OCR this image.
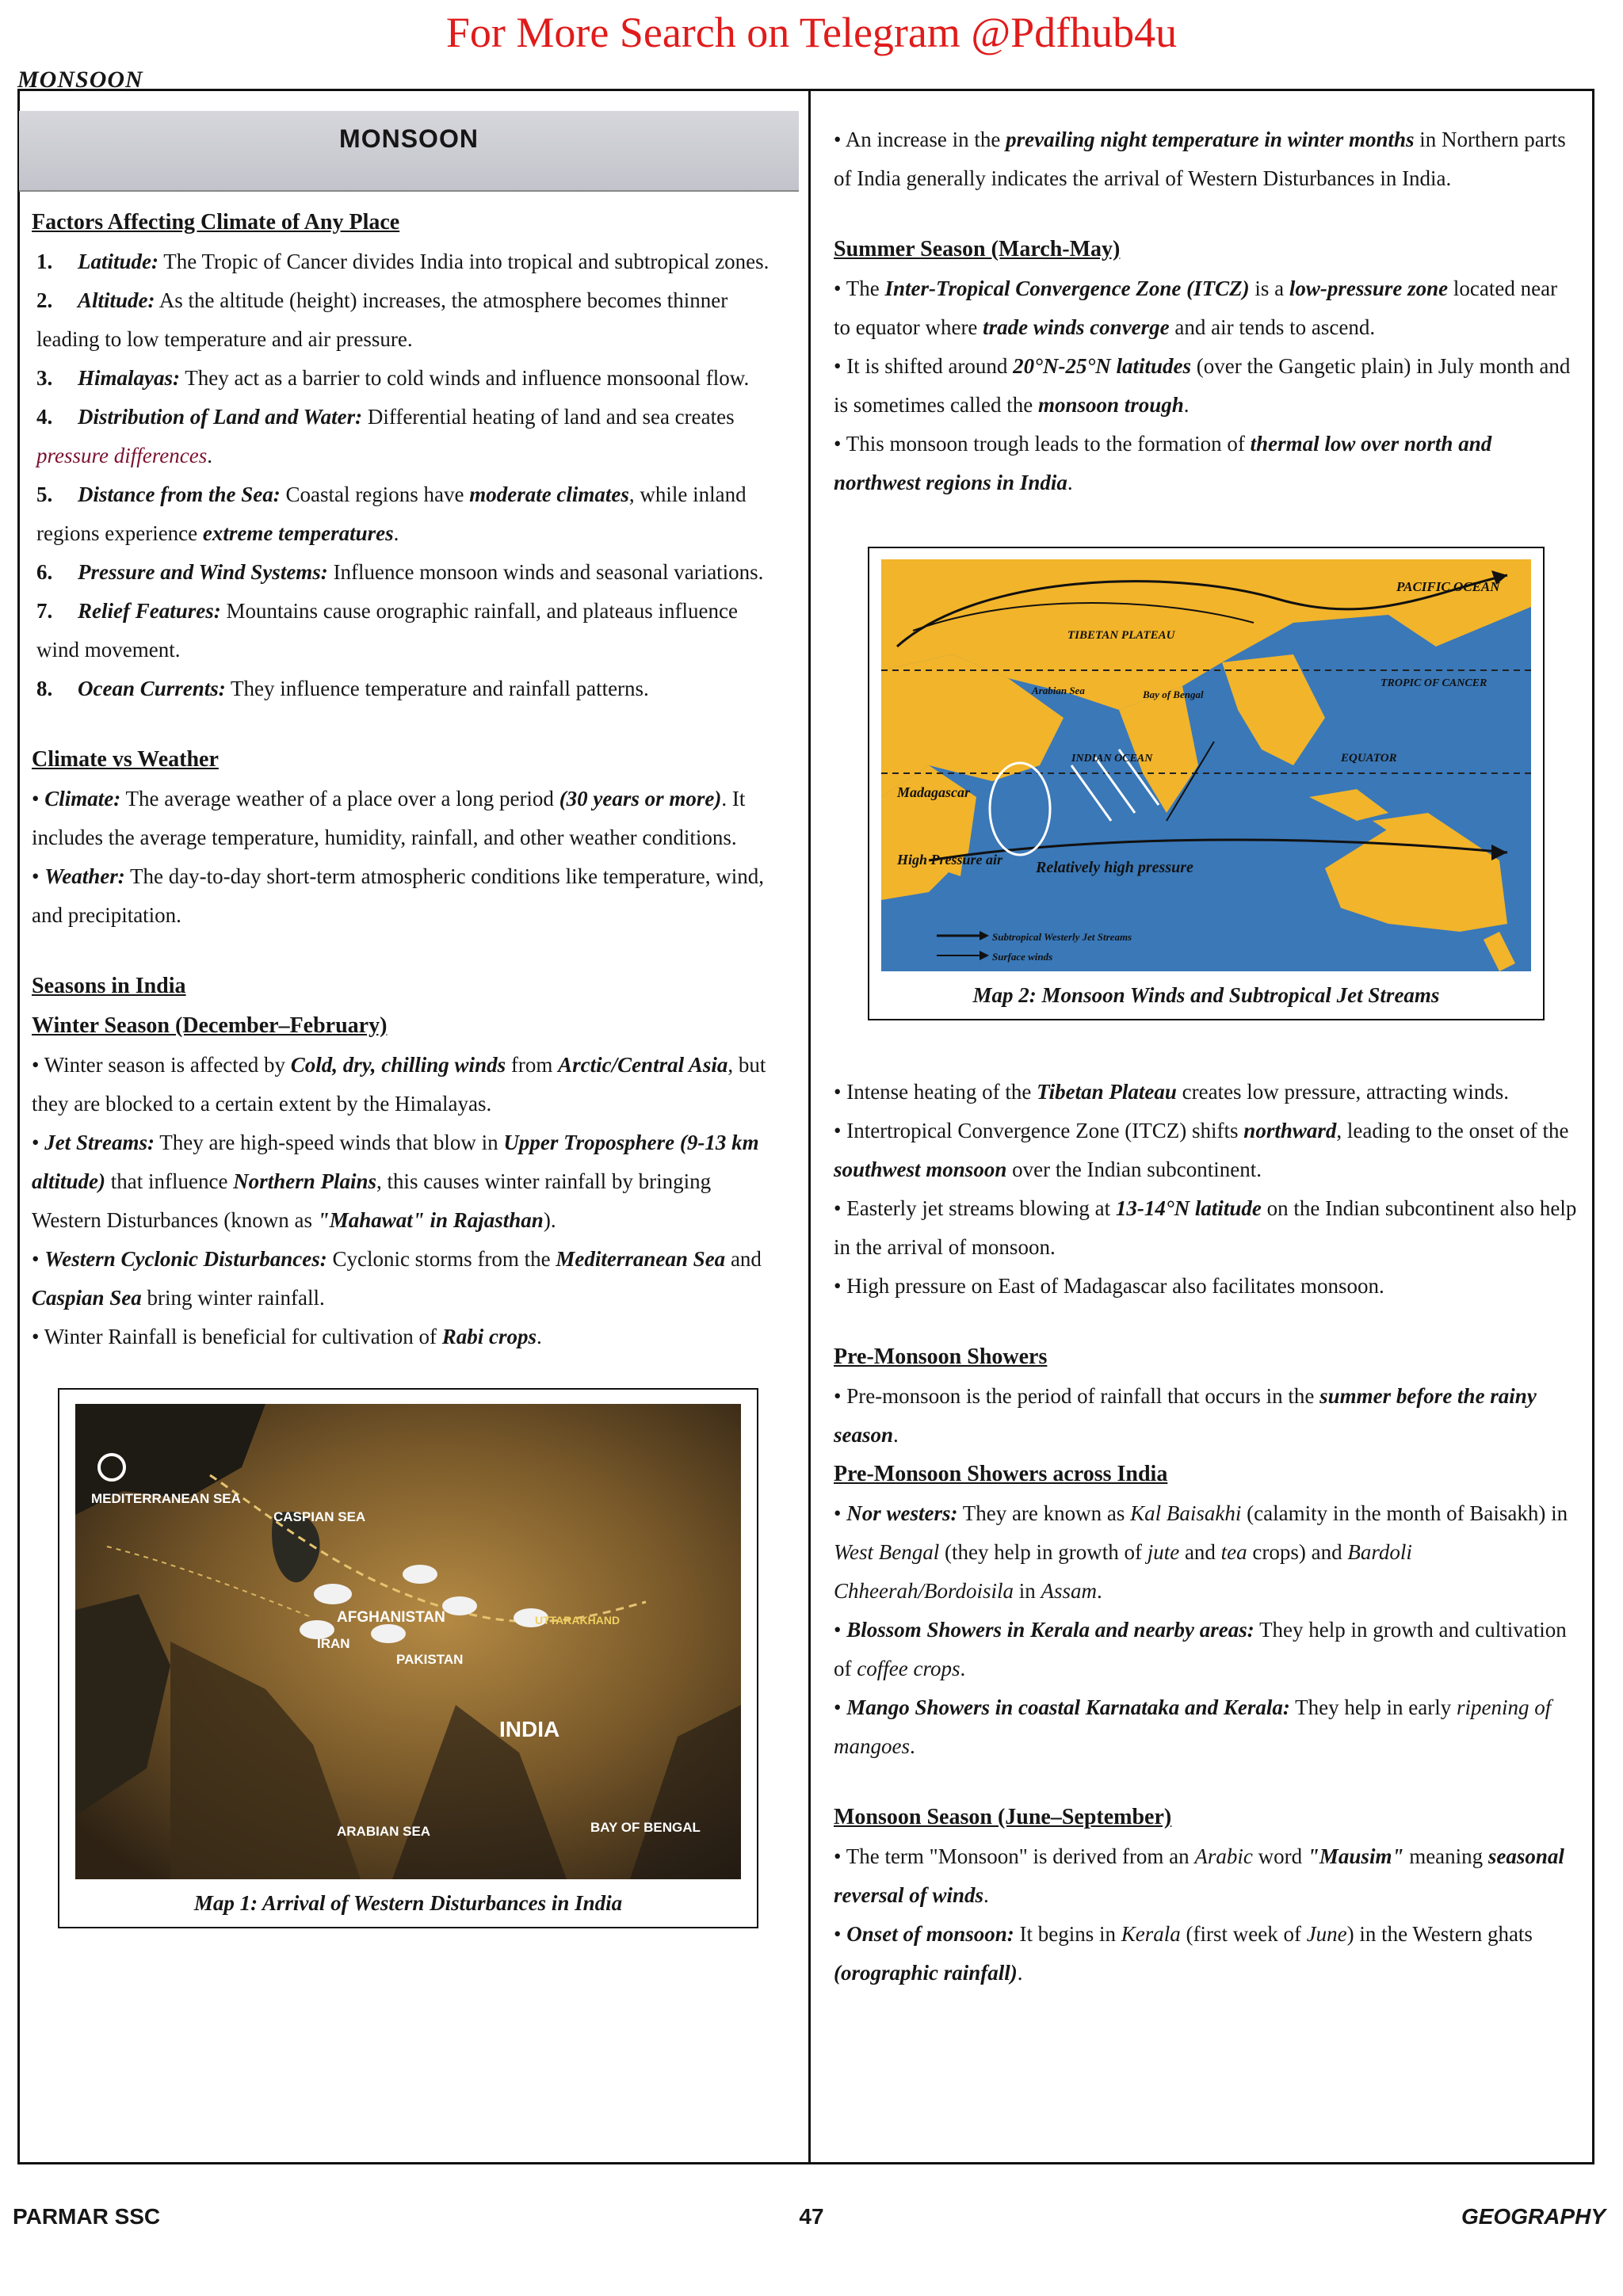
For More Search on Telegram @Pdfhub4u
MONSOON
MONSOON
Factors Affecting Climate of Any Place
1. Latitude: The Tropic of Cancer divides India into tropical and subtropical zones.
2. Altitude: As the altitude (height) increases, the atmosphere becomes thinner leading to low temperature and air pressure.
3. Himalayas: They act as a barrier to cold winds and influence monsoonal flow.
4. Distribution of Land and Water: Differential heating of land and sea creates pressure differences.
5. Distance from the Sea: Coastal regions have moderate climates, while inland regions experience extreme temperatures.
6. Pressure and Wind Systems: Influence monsoon winds and seasonal variations.
7. Relief Features: Mountains cause orographic rainfall, and plateaus influence wind movement.
8. Ocean Currents: They influence temperature and rainfall patterns.
Climate vs Weather

• Climate: The average weather of a place over a long period (30 years or more). It includes the average temperature, humidity, rainfall, and other weather conditions.

• Weather: The day-to-day short-term atmospheric conditions like temperature, wind, and precipitation.

Seasons in India
Winter Season (December–February)

• Winter season is affected by Cold, dry, chilling winds from Arctic/Central Asia, but they are blocked to a certain extent by the Himalayas.

• Jet Streams: They are high-speed winds that blow in Upper Troposphere (9-13 km altitude) that influence Northern Plains, this causes winter rainfall by bringing Western Disturbances (known as "Mahawat" in Rajasthan).

• Western Cyclonic Disturbances: Cyclonic storms from the Mediterranean Sea and Caspian Sea bring winter rainfall.

• Winter Rainfall is beneficial for cultivation of Rabi crops.

MEDITERRANEAN SEA
CASPIAN SEA
AFGHANISTAN
IRAN
PAKISTAN
UTTARAKHAND
INDIA
ARABIAN SEA	BAY OF BENGAL
Map 1: Arrival of Western Disturbances in India

• An increase in the prevailing night temperature in winter months in Northern parts of India generally indicates the arrival of Western Disturbances in India.

Summer Season (March-May)

• The Inter-Tropical Convergence Zone (ITCZ) is a low-pressure zone located near to equator where trade winds converge and air tends to ascend.

• It is shifted around 20°N-25°N latitudes (over the Gangetic plain) in July month and is sometimes called the monsoon trough.

• This monsoon trough leads to the formation of thermal low over north and northwest regions in India.

PACIFIC OCEAN
TIBETAN PLATEAU
TROPIC OF CANCER
Arabian Sea	Bay of Bengal
INDIAN OCEAN	EQUATOR
Madagascar
High Pressure air Relatively high pressure
Subtropical Westerly Jet Streams
Surface winds
Map 2: Monsoon Winds and Subtropical Jet Streams

• Intense heating of the Tibetan Plateau creates low pressure, attracting winds.

• Intertropical Convergence Zone (ITCZ) shifts northward, leading to the onset of the southwest monsoon over the Indian subcontinent.

• Easterly jet streams blowing at 13-14°N latitude on the Indian subcontinent also help in the arrival of monsoon.

• High pressure on East of Madagascar also facilitates monsoon.

Pre-Monsoon Showers

• Pre-monsoon is the period of rainfall that occurs in the summer before the rainy season.

Pre-Monsoon Showers across India

• Nor westers: They are known as Kal Baisakhi (calamity in the month of Baisakh) in West Bengal (they help in growth of jute and tea crops) and Bardoli Chheerah/Bordoisila in Assam.

• Blossom Showers in Kerala and nearby areas: They help in growth and cultivation of coffee crops.

• Mango Showers in coastal Karnataka and Kerala: They help in early ripening of mangoes.

Monsoon Season (June–September)

• The term "Monsoon" is derived from an Arabic word "Mausim" meaning seasonal reversal of winds.

• Onset of monsoon: It begins in Kerala (first week of June) in the Western ghats (orographic rainfall).

PARMAR SSC	47	GEOGRAPHY
